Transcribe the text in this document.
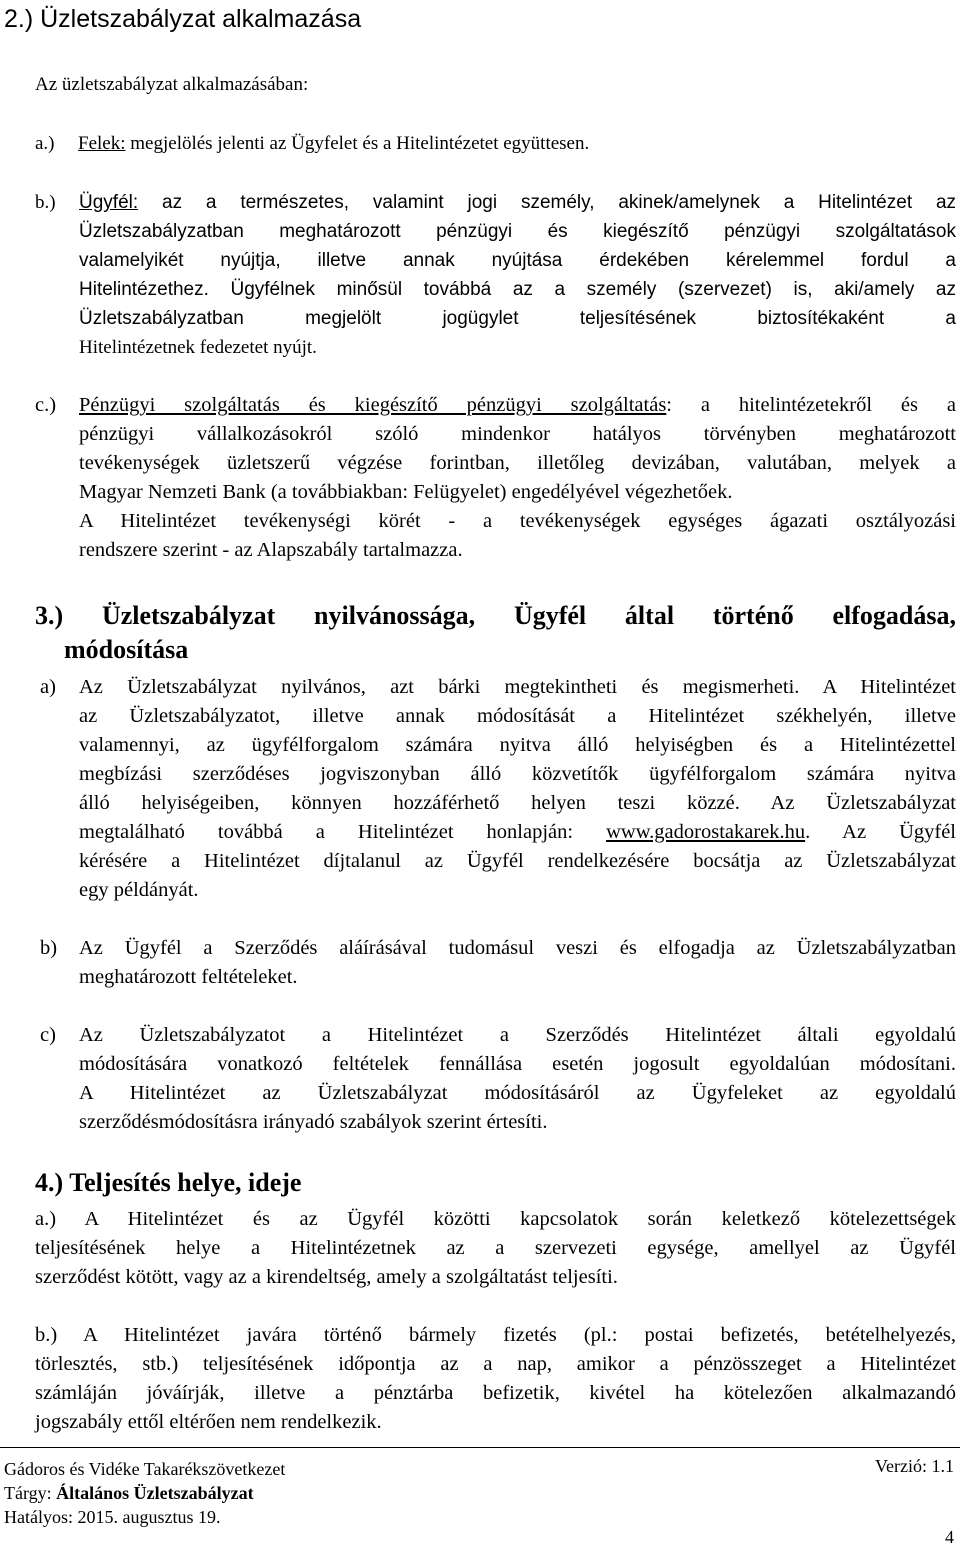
2.) Üzletszabályzat alkalmazása
Az üzletszabályzat alkalmazásában:
a.) Felek: megjelölés jelenti az Ügyfelet és a Hitelintézetet együttesen.
b.) Ügyfél: az a természetes, valamint jogi személy, akinek/amelynek a Hitelintézet az
Üzletszabályzatban meghatározott pénzügyi és kiegészítő pénzügyi szolgáltatások
valamelyikét nyújtja, illetve annak nyújtása érdekében kérelemmel fordul a
Hitelintézethez. Ügyfélnek minősül továbbá az a személy (szervezet) is, aki/amely az
Üzletszabályzatban megjelölt jogügylet teljesítésének biztosítékaként a
Hitelintézetnek fedezetet nyújt.
c.) Pénzügyi szolgáltatás és kiegészítő pénzügyi szolgáltatás: a hitelintézetekről és a
pénzügyi vállalkozásokról szóló mindenkor hatályos törvényben meghatározott
tevékenységek üzletszerű végzése forintban, illetőleg devizában, valutában, melyek a
Magyar Nemzeti Bank (a továbbiakban: Felügyelet) engedélyével végezhetőek.
A Hitelintézet tevékenységi körét - a tevékenységek egységes ágazati osztályozási
rendszere szerint - az Alapszabály tartalmazza.
3.) Üzletszabályzat nyilvánossága, Ügyfél által történő elfogadása,
módosítása
a) Az Üzletszabályzat nyilvános, azt bárki megtekintheti és megismerheti. A Hitelintézet
az Üzletszabályzatot, illetve annak módosítását a Hitelintézet székhelyén, illetve
valamennyi, az ügyfélforgalom számára nyitva álló helyiségben és a Hitelintézettel
megbízási szerződéses jogviszonyban álló közvetítők ügyfélforgalom számára nyitva
álló helyiségeiben, könnyen hozzáférhető helyen teszi közzé. Az Üzletszabályzat
megtalálható továbbá a Hitelintézet honlapján: www.gadorostakarek.hu. Az Ügyfél
kérésére a Hitelintézet díjtalanul az Ügyfél rendelkezésére bocsátja az Üzletszabályzat
egy példányát.
b) Az Ügyfél a Szerződés aláírásával tudomásul veszi és elfogadja az Üzletszabályzatban
meghatározott feltételeket.
c) Az Üzletszabályzatot a Hitelintézet a Szerződés Hitelintézet általi egyoldalú
módosítására vonatkozó feltételek fennállása esetén jogosult egyoldalúan módosítani.
A Hitelintézet az Üzletszabályzat módosításáról az Ügyfeleket az egyoldalú
szerződésmódosításra irányadó szabályok szerint értesíti.
4.) Teljesítés helye, ideje
a.) A Hitelintézet és az Ügyfél közötti kapcsolatok során keletkező kötelezettségek
teljesítésének helye a Hitelintézetnek az a szervezeti egysége, amellyel az Ügyfél
szerződést kötött, vagy az a kirendeltség, amely a szolgáltatást teljesíti.
b.) A Hitelintézet javára történő bármely fizetés (pl.: postai befizetés, betételhelyezés,
törlesztés, stb.) teljesítésének időpontja az a nap, amikor a pénzösszeget a Hitelintézet
számláján jóváírják, illetve a pénztárba befizetik, kivétel ha kötelezően alkalmazandó
jogszabály ettől eltérően nem rendelkezik.
Gádoros és Vidéke Takarékszövetkezet	Verzió: 1.1
Tárgy: Általános Üzletszabályzat
Hatályos: 2015. augusztus 19.
4
